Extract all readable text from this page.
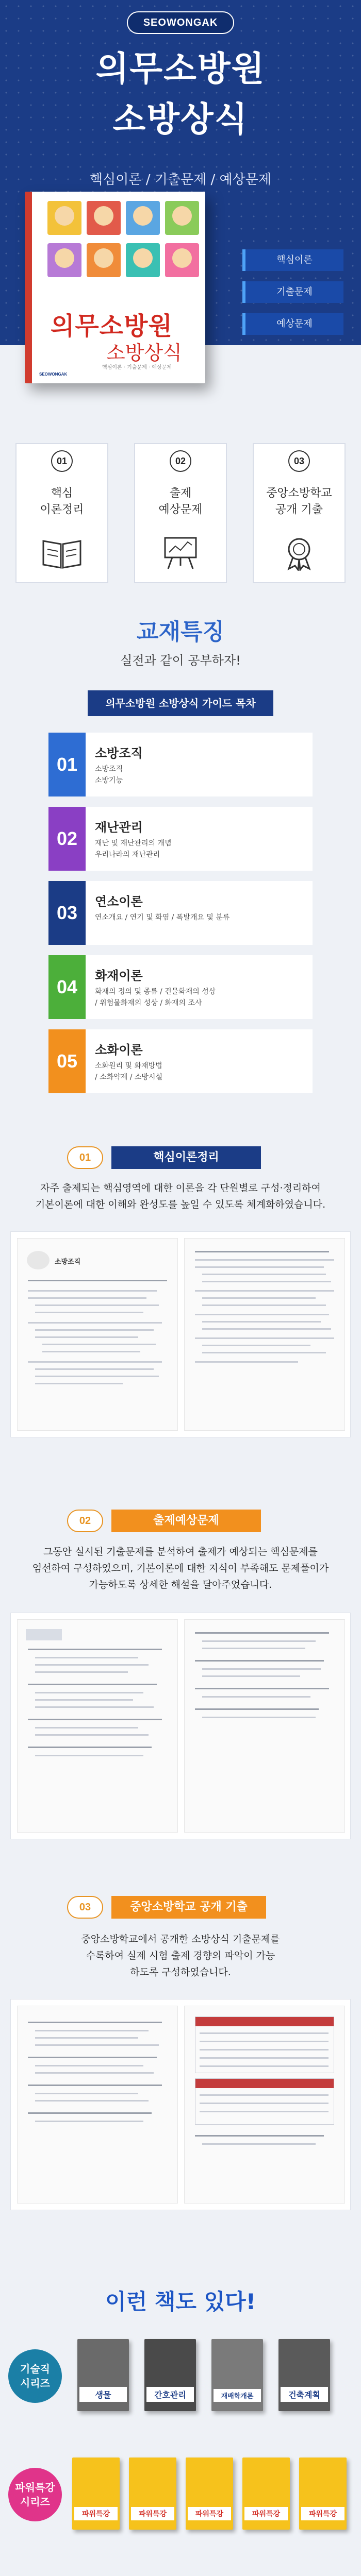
SEOWONGAK
의무소방원
소방상식
핵심이론 / 기출문제 / 예상문제
의무소방원
소방상식
핵심이론 · 기출문제 · 예상문제
SEOWONGAK
핵심이론
기출문제
예상문제
01
핵심
이론정리
02
출제
예상문제
03
중앙소방학교
공개 기출
교재특징
실전과 같이 공부하자!
의무소방원 소방상식 가이드 목차
01
소방조직
소방조직
소방기능
02
재난관리
재난 및 재난관리의 개념
우리나라의 재난관리
03
연소이론
연소개요 / 연기 및 화염 / 폭발개요 및 분류
04
화재이론
화재의 정의 및 종류 / 건물화재의 성상
/ 위험물화재의 성상 / 화재의 조사
05
소화이론
소화원리 및 화재방법
/ 소화약제 / 소방시설
01	핵심이론정리
자주 출제되는 핵심영역에 대한 이론을 각 단원별로 구성·정리하여
기본이론에 대한 이해와 완성도를 높일 수 있도록 체계화하였습니다.
소방조직
02	출제예상문제
그동안 실시된 기출문제를 분석하여 출제가 예상되는 핵심문제를
엄선하여 구성하였으며, 기본이론에 대한 지식이 부족해도 문제풀이가
가능하도록 상세한 해설을 달아주었습니다.
03	중앙소방학교 공개 기출
중앙소방학교에서 공개한 소방상식 기출문제를
수록하여 실제 시험 출제 경향의 파악이 가능
하도록 구성하였습니다.
이런 책도 있다!
기술직
시리즈
생물	간호관리	재배학개론	건축계획
파워특강
시리즈
파워특강	파워특강	파워특강	파워특강	파워특강
